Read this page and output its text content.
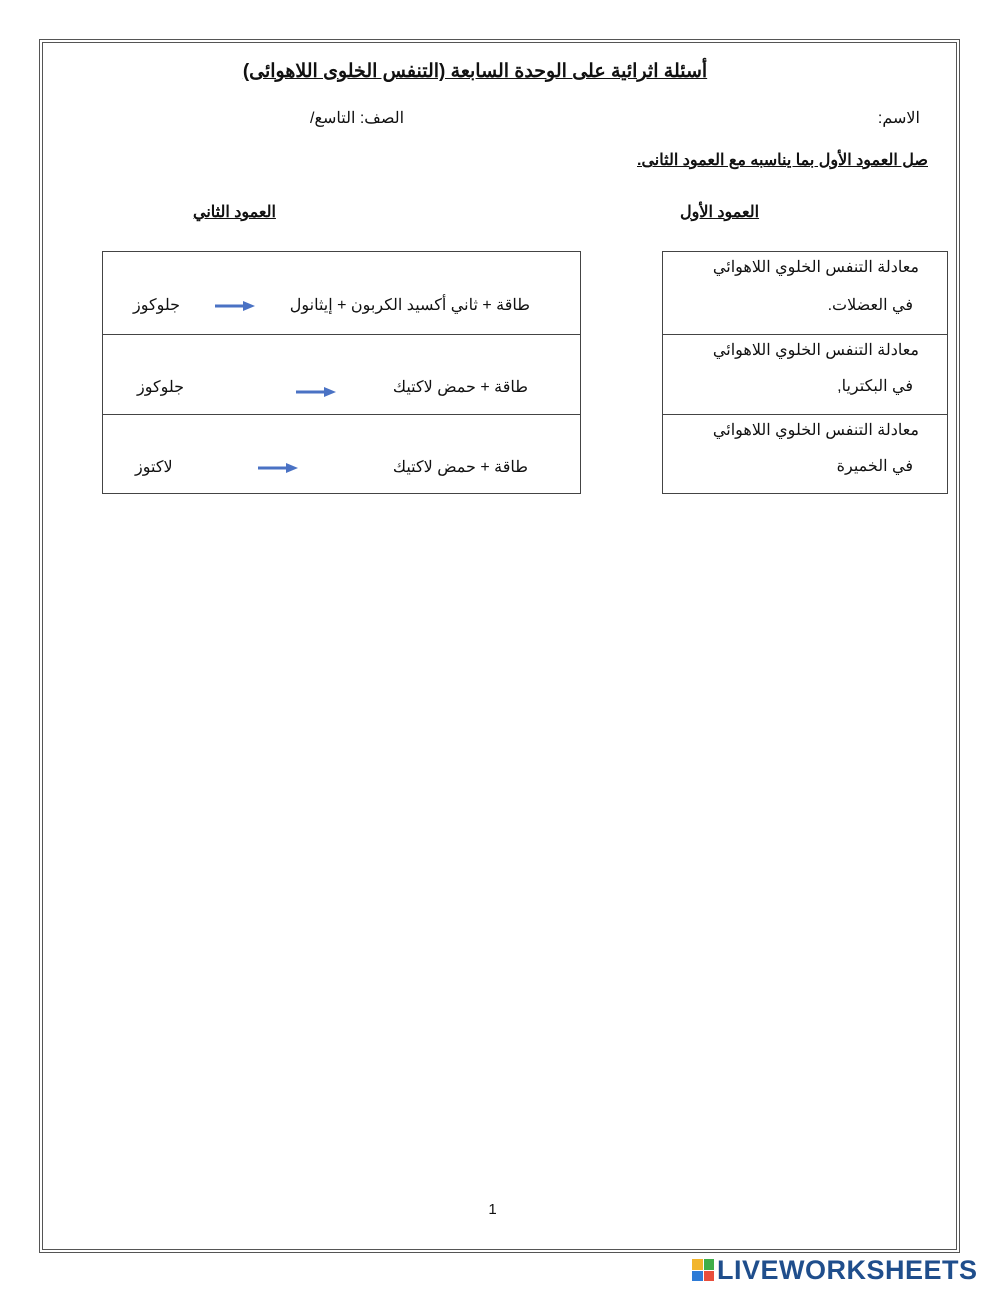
أسئلة اثرائية على الوحدة السابعة (التنفس الخلوى اللاهوائى)
الاسم:
الصف: التاسع/
صل العمود الأول بما يناسبه مع العمود الثانى.
العمود الأول
العمود الثاني
معادلة التنفس الخلوي اللاهوائي
في العضلات.
معادلة التنفس الخلوي اللاهوائي
في البكتريا,
معادلة التنفس الخلوي اللاهوائي
في الخميرة
جلوكوز	طاقة + ثاني أكسيد الكربون + إيثانول
جلوكوز	طاقة + حمض لاكتيك
لاكتوز	طاقة + حمض لاكتيك
1
LIVEWORKSHEETS
